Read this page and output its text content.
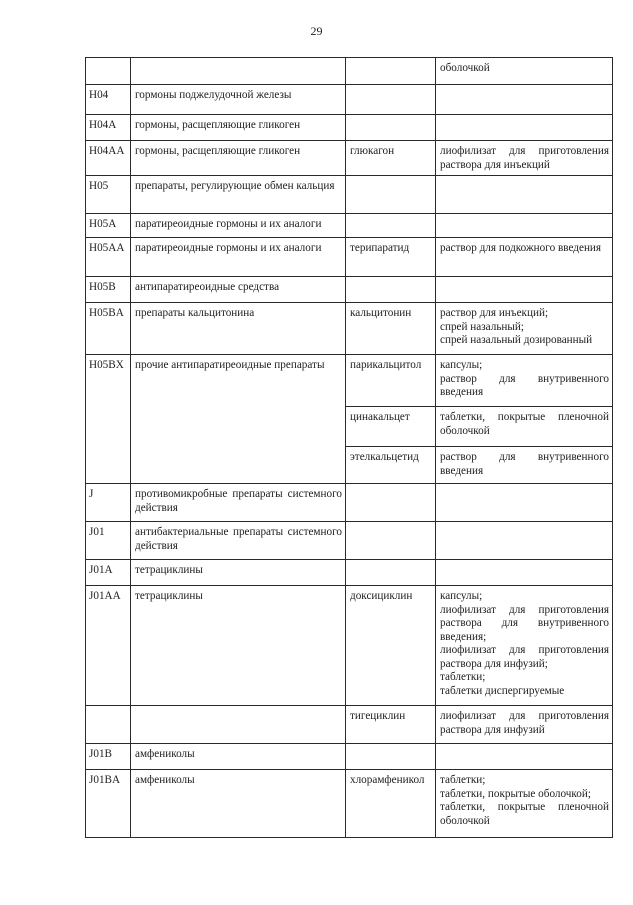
29

			оболочкой

H04	гормоны поджелудочной железы		
H04A	гормоны, расщепляющие гликоген		
H04AA	гормоны, расщепляющие гликоген	глюкагон	лиофилизат для приготовления раствора для инъекций

H05	препараты, регулирующие обмен кальция		
H05A	паратиреоидные гормоны и их аналоги		
H05AA	паратиреоидные гормоны и их аналоги	терипаратид	раствор для подкожного введения

H05B	антипаратиреоидные средства		
H05BA	препараты кальцитонина	кальцитонин	раствор для инъекций;
спрей назальный;
спрей назальный дозированный

H05BX	прочие антипаратиреоидные препараты	парикальцитол	капсулы;
раствор для внутривенного введения

		цинакальцет	таблетки, покрытые пленочной оболочкой

		этелкальцетид	раствор для внутривенного введения

J	противомикробные препараты системного действия		
J01	антибактериальные препараты системного действия		
J01A	тетрациклины		
J01AA	тетрациклины	доксициклин	капсулы;
лиофилизат для приготовления раствора для внутривенного введения;
лиофилизат для приготовления раствора для инфузий;
таблетки;
таблетки диспергируемые

		тигециклин	лиофилизат для приготовления раствора для инфузий

J01B	амфениколы		
J01BA	амфениколы	хлорамфеникол	таблетки;
таблетки, покрытые оболочкой;
таблетки, покрытые пленочной оболочкой
